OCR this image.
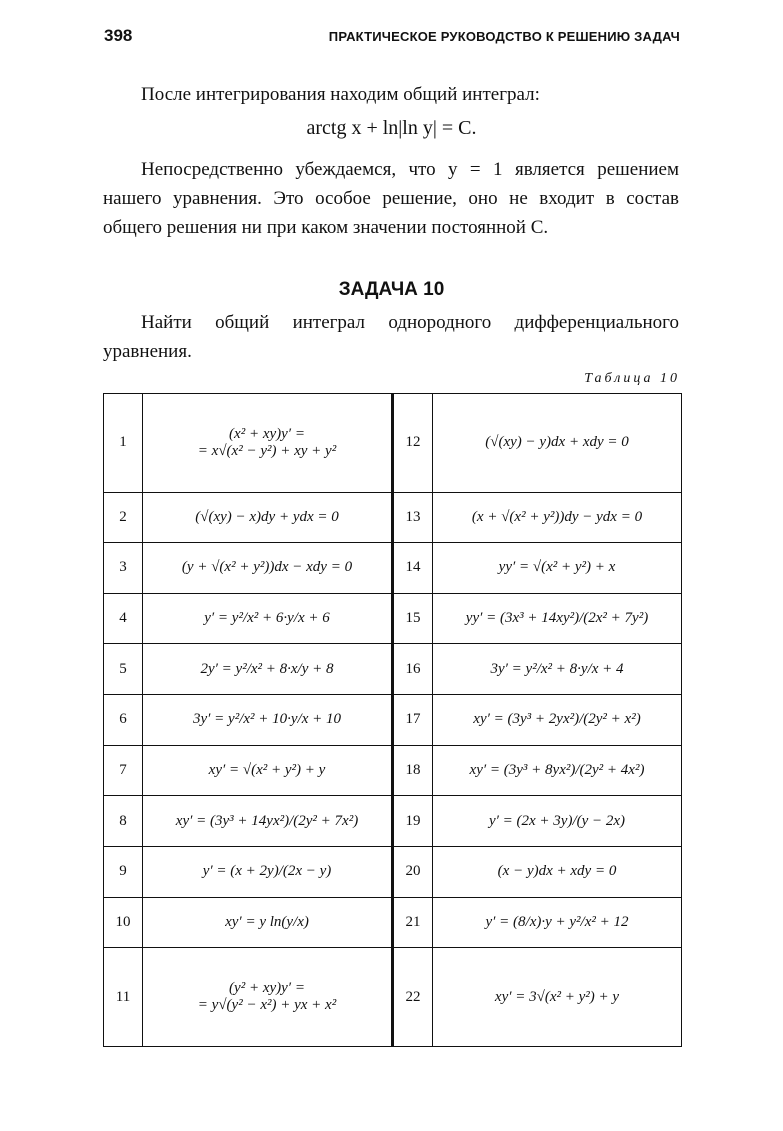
398	ПРАКТИЧЕСКОЕ РУКОВОДСТВО К РЕШЕНИЮ ЗАДАЧ
После интегрирования находим общий интеграл:
arctg x + ln|ln y| = C.
Непосредственно убеждаемся, что y = 1 является решением нашего уравнения. Это особое решение, оно не входит в состав общего решения ни при каком значении постоянной C.
ЗАДАЧА 10
Найти общий интеграл однородного дифференциального уравнения.
Таблица 10
1	(x² + xy)y′ =
= x√(x² − y²) + xy + y²	12	(√(xy) − y)dx + xdy = 0

2	(√(xy) − x)dy + ydx = 0	13	(x + √(x² + y²))dy − ydx = 0

3	(y + √(x² + y²))dx − xdy = 0	14	yy′ = √(x² + y²) + x

4	y′ = y²/x² + 6·y/x + 6	15	yy′ = (3x³ + 14xy²)/(2x² + 7y²)

5	2y′ = y²/x² + 8·x/y + 8	16	3y′ = y²/x² + 8·y/x + 4

6	3y′ = y²/x² + 10·y/x + 10	17	xy′ = (3y³ + 2yx²)/(2y² + x²)

7	xy′ = √(x² + y²) + y	18	xy′ = (3y³ + 8yx²)/(2y² + 4x²)

8	xy′ = (3y³ + 14yx²)/(2y² + 7x²)	19	y′ = (2x + 3y)/(y − 2x)

9	y′ = (x + 2y)/(2x − y)	20	(x − y)dx + xdy = 0

10	xy′ = y ln(y/x)	21	y′ = (8/x)·y + y²/x² + 12

11	(y² + xy)y′ =
= y√(y² − x²) + yx + x²	22	xy′ = 3√(x² + y²) + y
